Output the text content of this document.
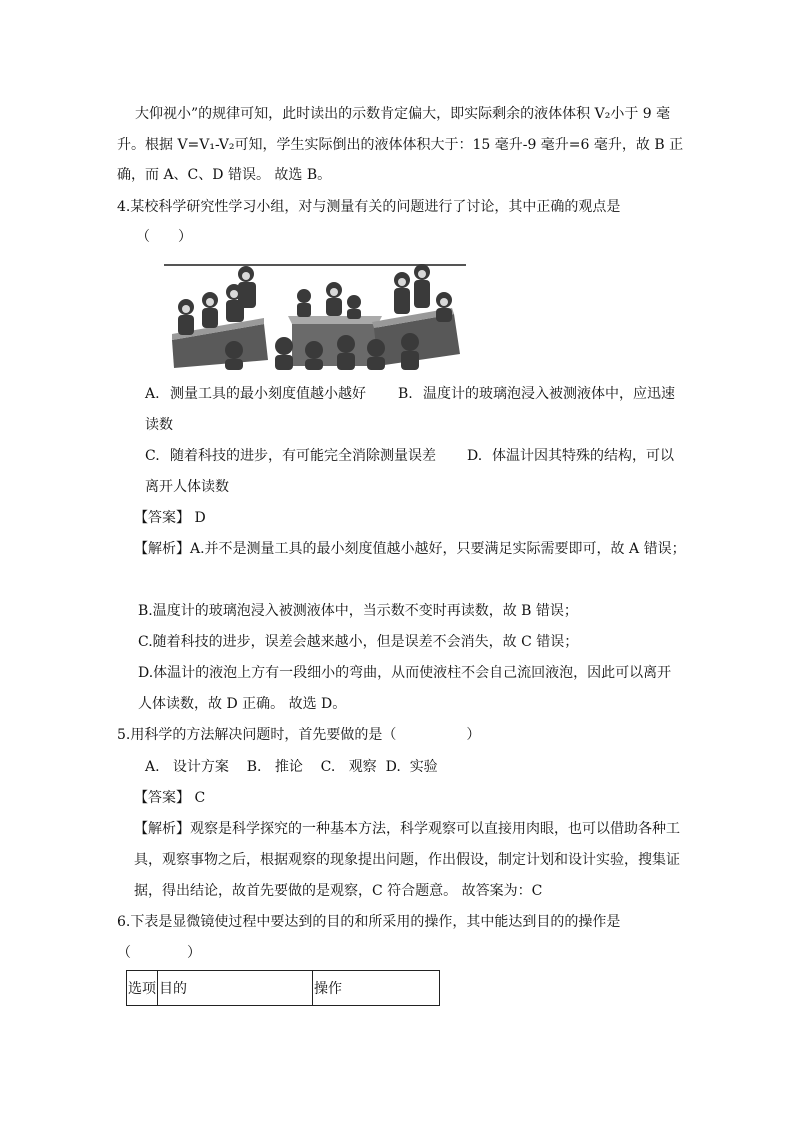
大仰视小”的规律可知，此时读出的示数肯定偏大，即实际剩余的液体体积 V₂小于 9 毫
升。根据 V=V₁-V₂可知，学生实际倒出的液体体积大于：15 毫升-9 毫升=6 毫升，故 B 正
确，而 A、C、D 错误。 故选 B。
4.某校科学研究性学习小组，对与测量有关的问题进行了讨论，其中正确的观点是
（　　）
A. 测量工具的最小刻度值越小越好 B. 温度计的玻璃泡浸入被测液体中，应迅速
读数
C. 随着科技的进步，有可能完全消除测量误差 D. 体温计因其特殊的结构，可以
离开人体读数
【答案】 D
【解析】A.并不是测量工具的最小刻度值越小越好，只要满足实际需要即可，故 A 错误；
B.温度计的玻璃泡浸入被测液体中，当示数不变时再读数，故 B 错误；
C.随着科技的进步，误差会越来越小，但是误差不会消失，故 C 错误；
D.体温计的液泡上方有一段细小的弯曲，从而使液柱不会自己流回液泡，因此可以离开
人体读数，故 D 正确。 故选 D。
5.用科学的方法解决问题时，首先要做的是（　　　　　）
A. 设计方案 B. 推论 C. 观察 D. 实验
【答案】 C
【解析】观察是科学探究的一种基本方法，科学观察可以直接用肉眼，也可以借助各种工
具，观察事物之后，根据观察的现象提出问题，作出假设，制定计划和设计实验，搜集证
据，得出结论，故首先要做的是观察，C 符合题意。 故答案为：C
6.下表是显微镜使过程中要达到的目的和所采用的操作，其中能达到目的的操作是
（　　　　）
选项	目的	操作
